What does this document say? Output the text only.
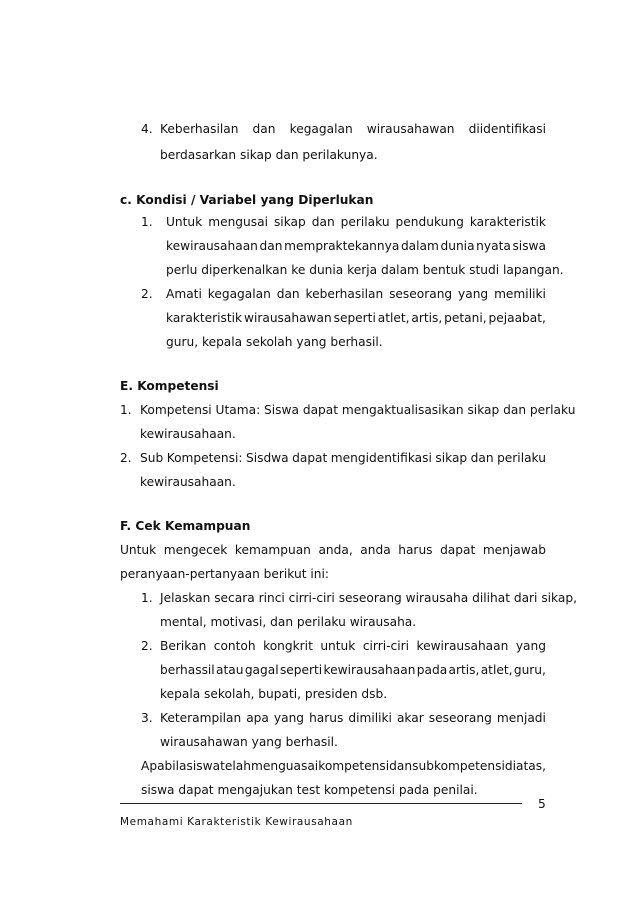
4. Keberhasilan dan kegagalan wirausahawan diidentifikasi
berdasarkan sikap dan perilakunya.
c. Kondisi / Variabel yang Diperlukan
1. Untuk mengusai sikap dan perilaku pendukung karakteristik
kewirausahaan dan mempraktekannya dalam dunia nyata siswa
perlu diperkenalkan ke dunia kerja dalam bentuk studi lapangan.
2. Amati kegagalan dan keberhasilan seseorang yang memiliki
karakteristik wirausahawan seperti atlet, artis, petani, pejaabat,
guru, kepala sekolah yang berhasil.
E. Kompetensi
1. Kompetensi Utama: Siswa dapat mengaktualisasikan sikap dan perlaku
kewirausahaan.
2. Sub Kompetensi: Sisdwa dapat mengidentifikasi sikap dan perilaku
kewirausahaan.
F. Cek Kemampuan
Untuk mengecek kemampuan anda, anda harus dapat menjawab
peranyaan-pertanyaan berikut ini:
1. Jelaskan secara rinci cirri-ciri seseorang wirausaha dilihat dari sikap,
mental, motivasi, dan perilaku wirausaha.
2. Berikan contoh kongkrit untuk cirri-ciri kewirausahaan yang
berhassil atau gagal seperti kewirausahaan pada artis, atlet, guru,
kepala sekolah, bupati, presiden dsb.
3. Keterampilan apa yang harus dimiliki akar seseorang menjadi
wirausahawan yang berhasil.
Apabila siswa telah menguasai kompetensi dan sub kompetensi di atas,
siswa dapat mengajukan test kompetensi pada penilai.
5
Memahami Karakteristik Kewirausahaan
